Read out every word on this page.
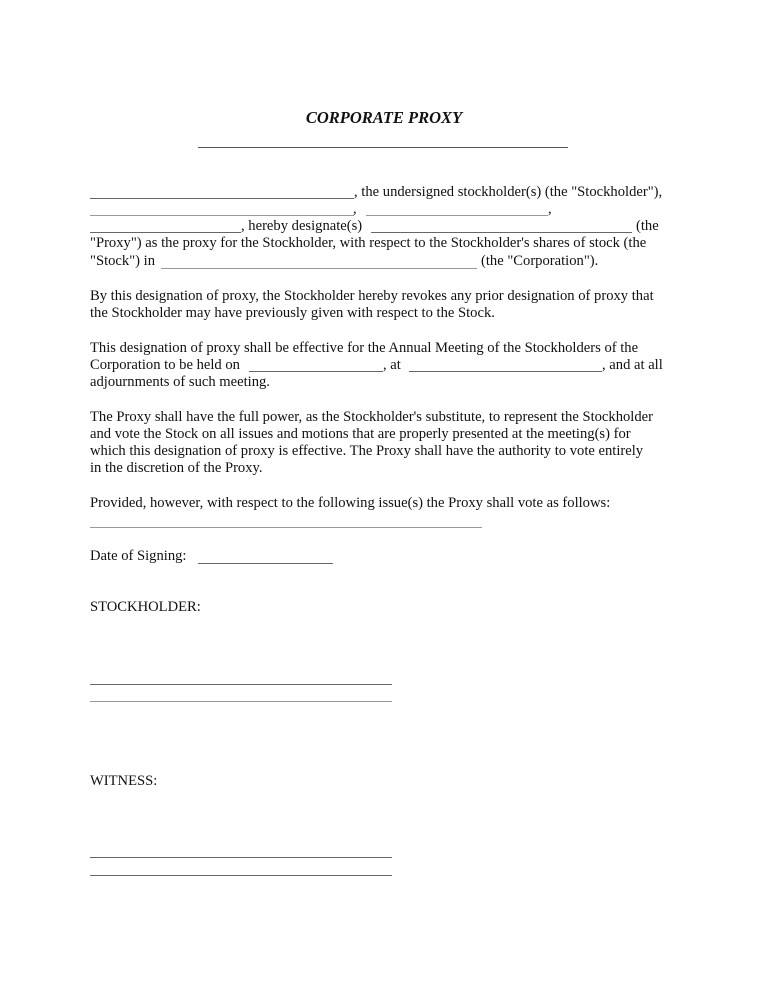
CORPORATE PROXY
, the undersigned stockholder(s) (the "Stockholder"),
,	,
, hereby designate(s)	(the
"Proxy") as the proxy for the Stockholder, with respect to the Stockholder's shares of stock (the
"Stock") in	(the "Corporation").
By this designation of proxy, the Stockholder hereby revokes any prior designation of proxy that
the Stockholder may have previously given with respect to the Stock.
This designation of proxy shall be effective for the Annual Meeting of the Stockholders of the
Corporation to be held on	, at	, and at all
adjournments of such meeting.
The Proxy shall have the full power, as the Stockholder's substitute, to represent the Stockholder
and vote the Stock on all issues and motions that are properly presented at the meeting(s) for
which this designation of proxy is effective. The Proxy shall have the authority to vote entirely
in the discretion of the Proxy.
Provided, however, with respect to the following issue(s) the Proxy shall vote as follows:
Date of Signing:
STOCKHOLDER:
WITNESS:
